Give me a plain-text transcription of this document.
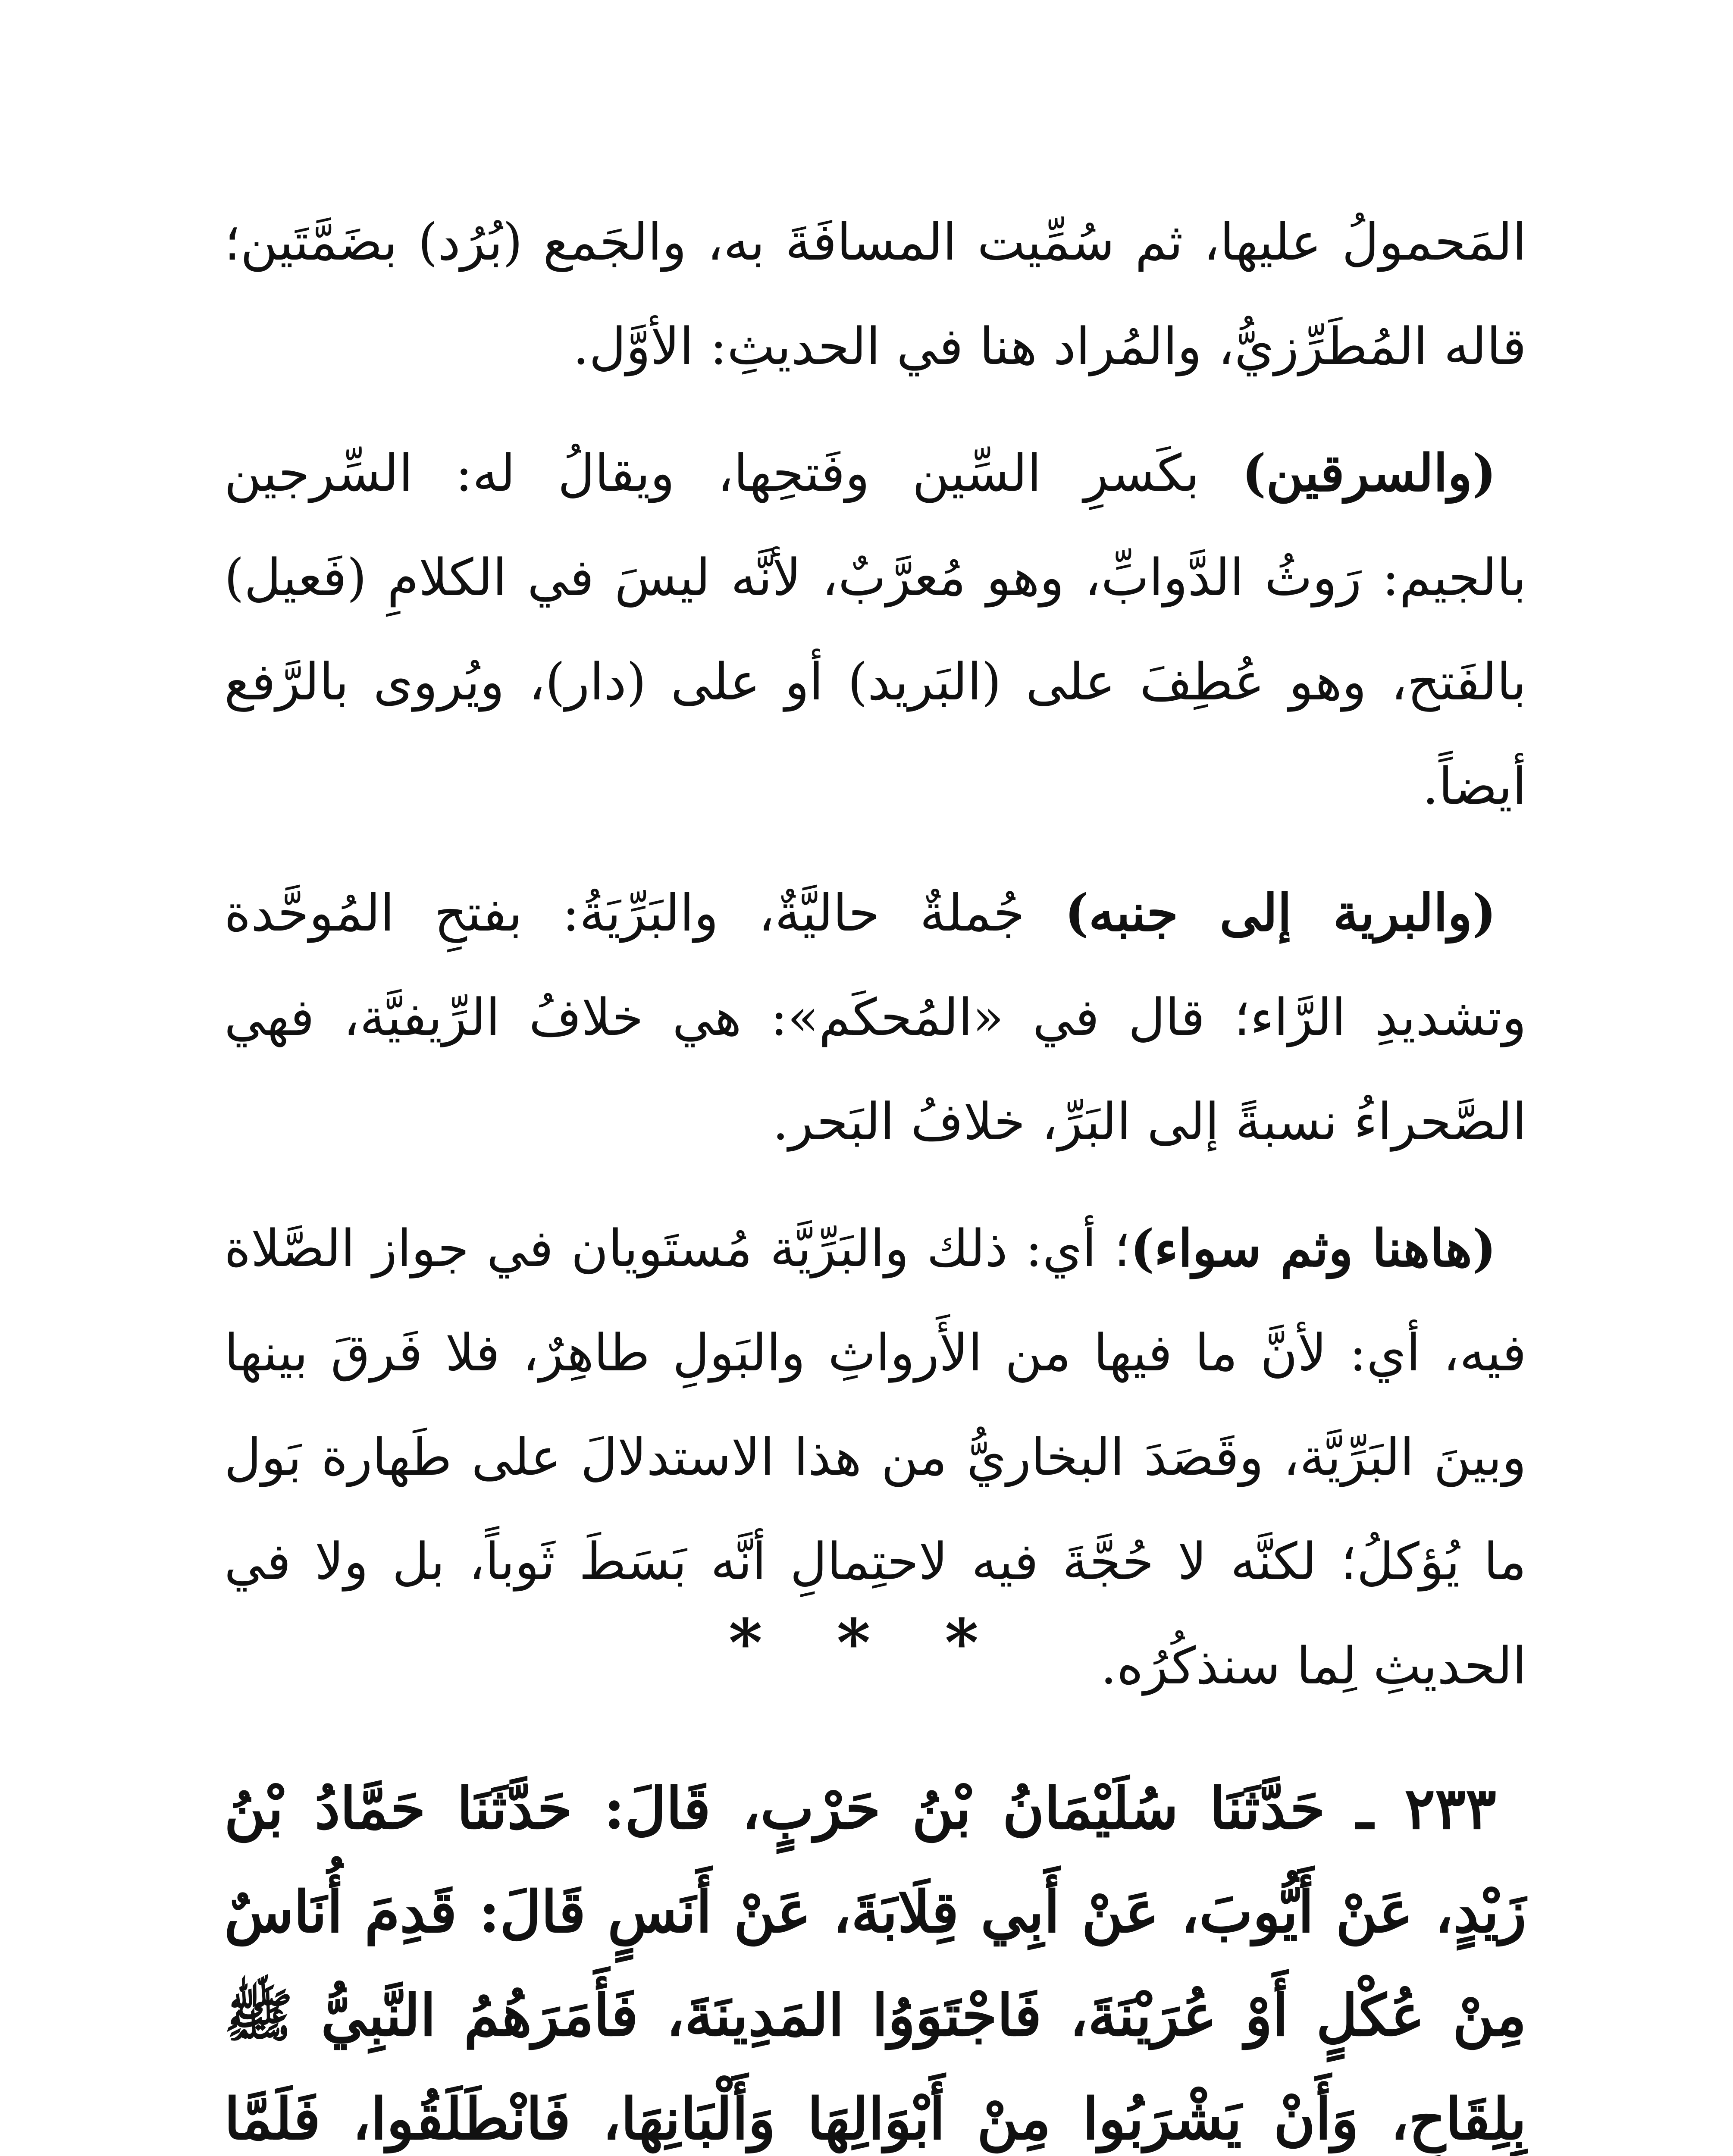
المَحمولُ عليها، ثم سُمِّيت المسافَةَ به، والجَمع (بُرُد) بضَمَّتَين؛ قاله المُطَرِّزيُّ، والمُراد هنا في الحديثِ: الأوَّل.

(والسرقين) بكَسرِ السِّين وفَتحِها، ويقالُ له: السِّرجين بالجيم: رَوثُ الدَّوابِّ، وهو مُعرَّبٌ، لأنَّه ليسَ في الكلامِ (فَعيل) بالفَتح، وهو عُطِفَ على (البَريد) أو على (دار)، ويُروى بالرَّفع أيضاً.

(والبرية إلى جنبه) جُملةٌ حاليَّةٌ، والبَرِّيَةُ: بفتحِ المُوحَّدة وتشديدِ الرَّاء؛ قال في «المُحكَم»: هي خلافُ الرِّيفيَّة، فهي الصَّحراءُ نسبةً إلى البَرِّ، خلافُ البَحر.

(هاهنا وثم سواء)؛ أي: ذلك والبَرِّيَّة مُستَويان في جواز الصَّلاة فيه، أي: لأنَّ ما فيها من الأَرواثِ والبَولِ طاهِرٌ، فلا فَرقَ بينها وبينَ البَرِّيَّة، وقَصَدَ البخاريُّ من هذا الاستدلالَ على طَهارة بَول ما يُؤكلُ؛ لكنَّه لا حُجَّةَ فيه لاحتِمالِ أنَّه بَسَطَ ثَوباً، بل ولا في الحديثِ لِما سنذكُرُه.

* * *

٢٣٣ ـ حَدَّثَنَا سُلَيْمَانُ بْنُ حَرْبٍ، قَالَ: حَدَّثَنَا حَمَّادُ بْنُ زَيْدٍ، عَنْ أَيُّوبَ، عَنْ أَبِي قِلَابَةَ، عَنْ أَنَسٍ قَالَ: قَدِمَ أُنَاسٌ مِنْ عُكْلٍ أَوْ عُرَيْنَةَ، فَاجْتَوَوُا المَدِينَةَ، فَأَمَرَهُمُ النَّبِيُّ ﷺ بِلِقَاحٍ، وَأَنْ يَشْرَبُوا مِنْ أَبْوَالِهَا وَأَلْبَانِهَا، فَانْطَلَقُوا، فَلَمَّا
